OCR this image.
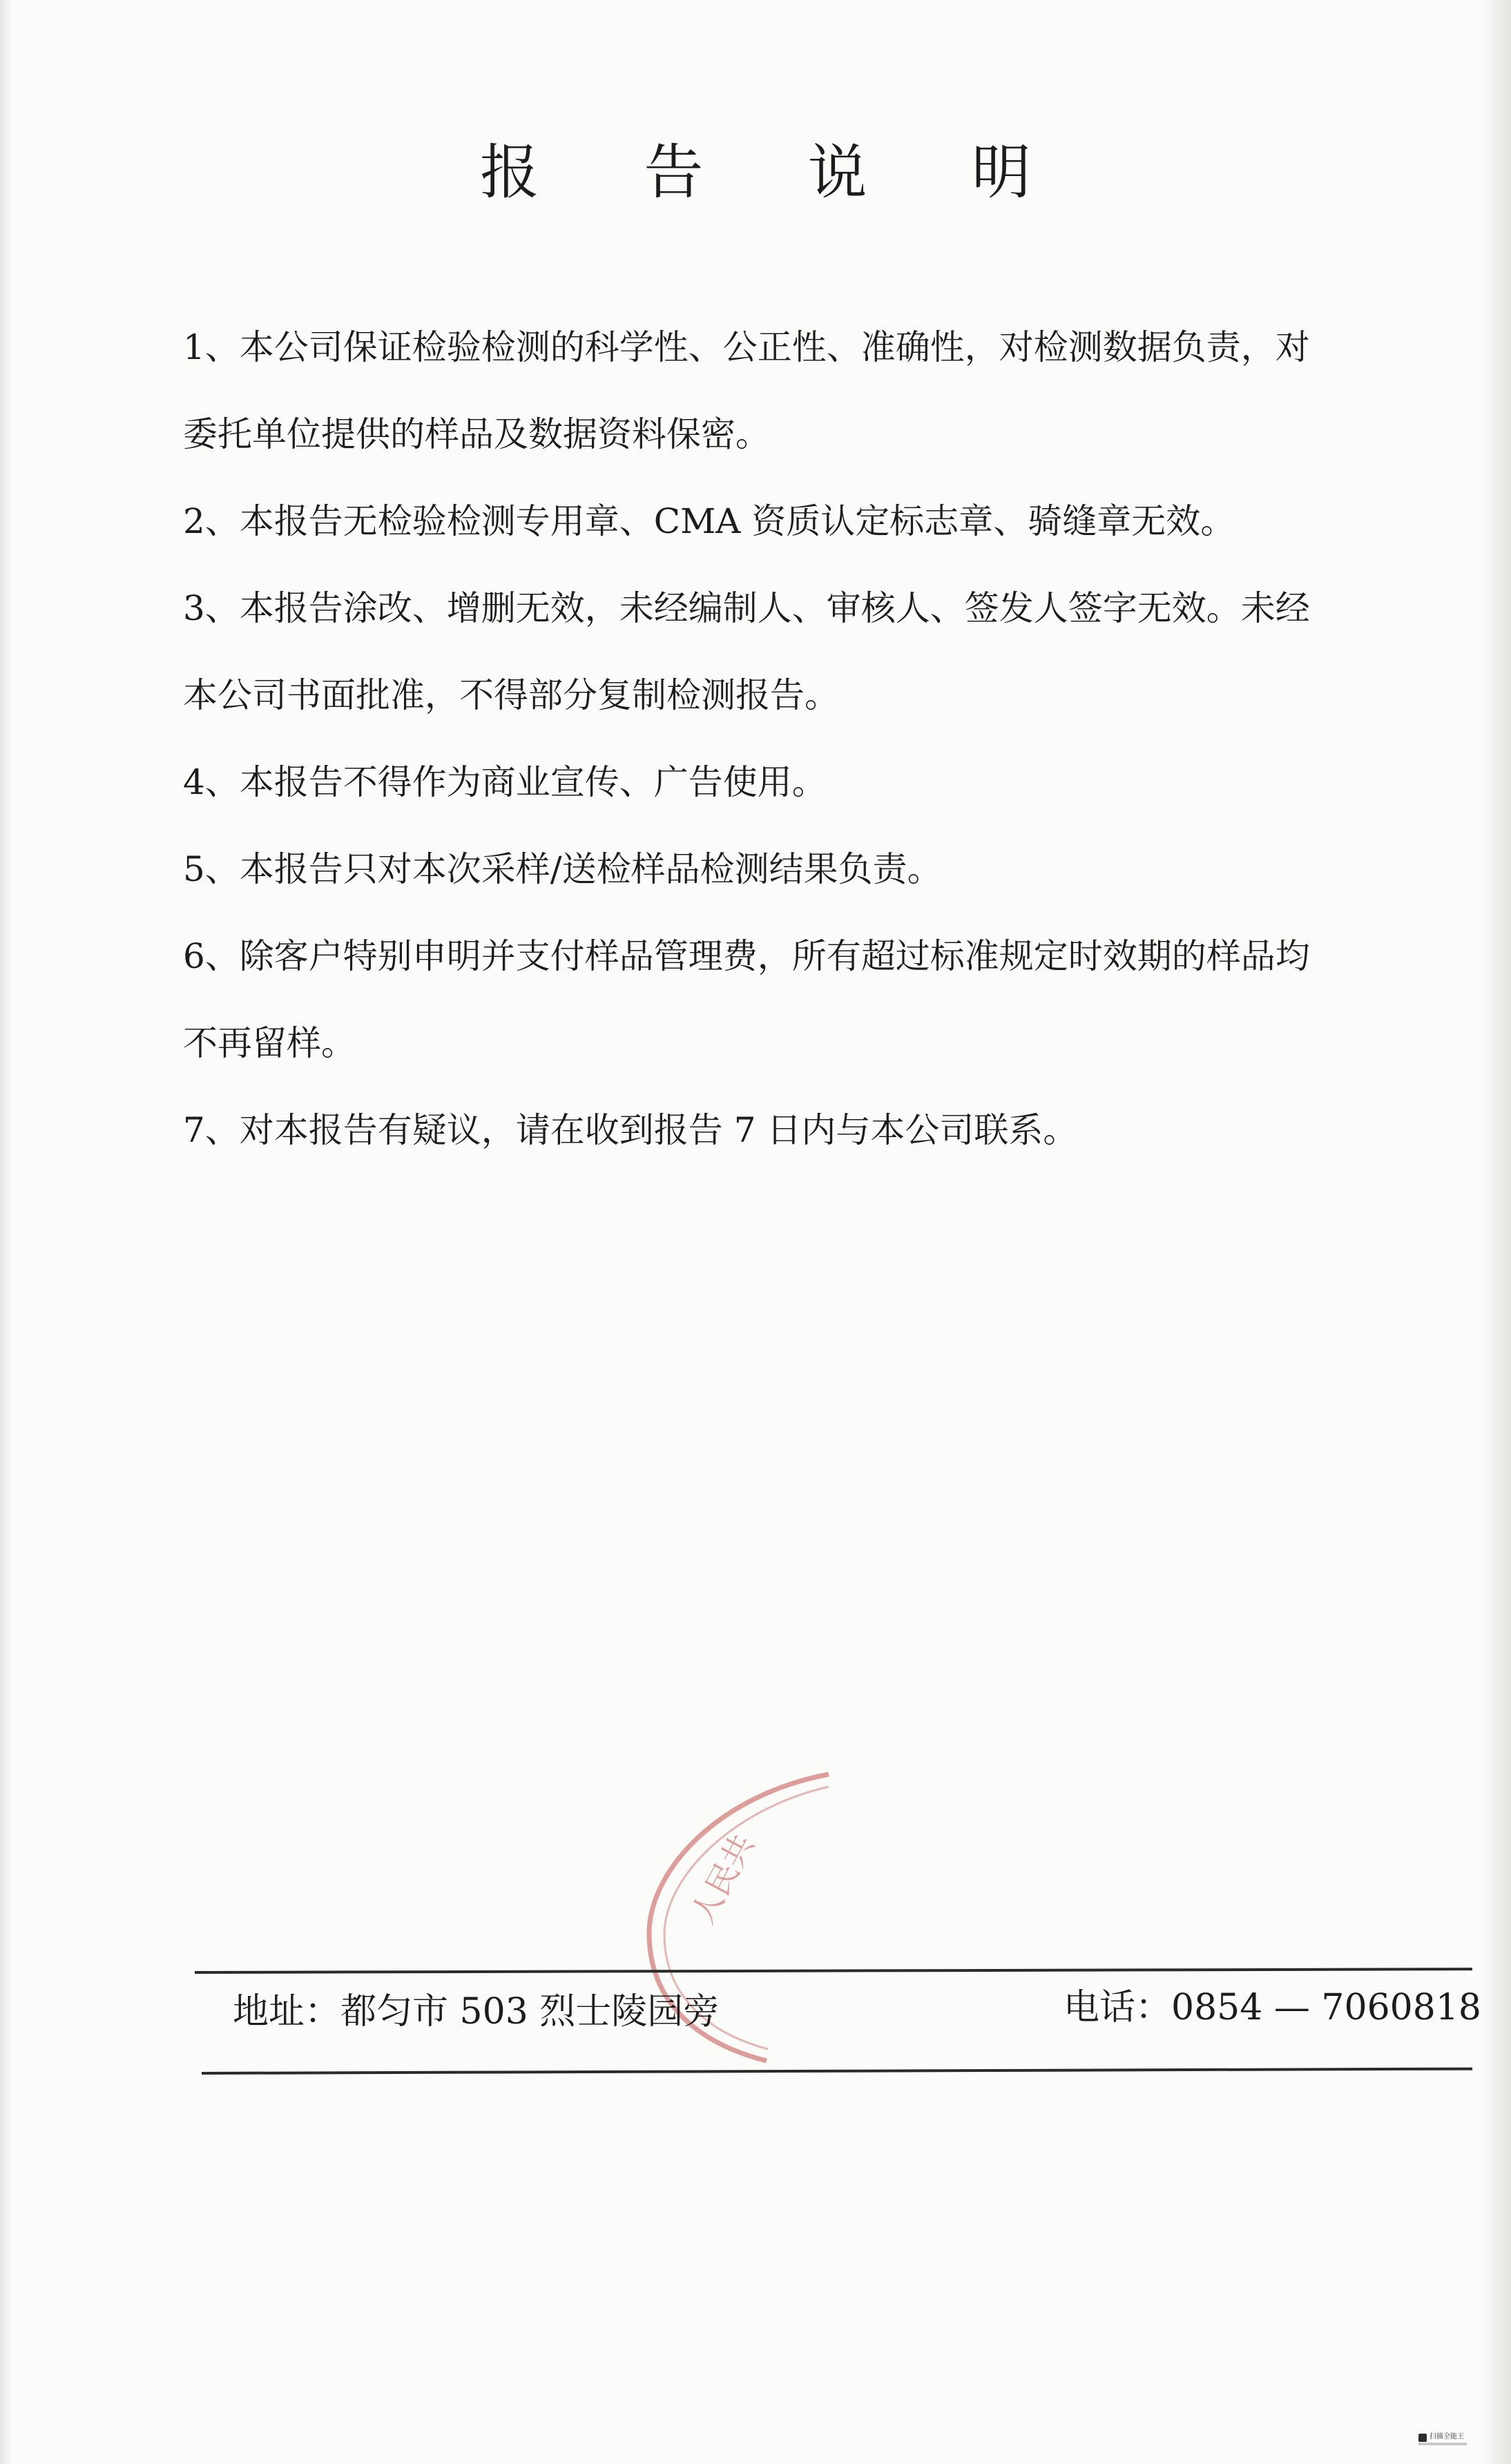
报 告 说 明
1、本公司保证检验检测的科学性、公正性、准确性，对检测数据负责，对
委托单位提供的样品及数据资料保密。
2、本报告无检验检测专用章、CMA 资质认定标志章、骑缝章无效。
3、本报告涂改、增删无效，未经编制人、审核人、签发人签字无效。未经
本公司书面批准，不得部分复制检测报告。
4、本报告不得作为商业宣传、广告使用。
5、本报告只对本次采样/送检样品检测结果负责。
6、除客户特别申明并支付样品管理费，所有超过标准规定时效期的样品均
不再留样。
7、对本报告有疑议，请在收到报告 7 日内与本公司联系。
人民共
地址：都匀市 503 烈士陵园旁	电话：0854 — 7060818
扫描全能王
